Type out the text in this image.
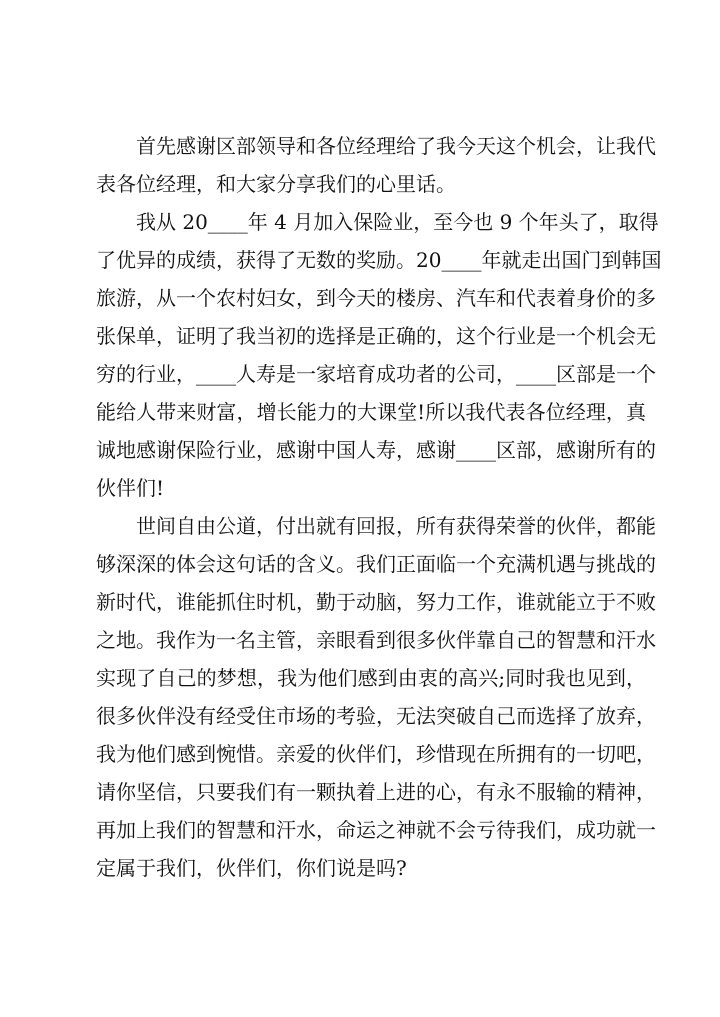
首先感谢区部领导和各位经理给了我今天这个机会，让我代
表各位经理，和大家分享我们的心里话。

我从 20____年 4 月加入保险业，至今也 9 个年头了，取得
了优异的成绩，获得了无数的奖励。20____年就走出国门到韩国
旅游，从一个农村妇女，到今天的楼房、汽车和代表着身价的多
张保单，证明了我当初的选择是正确的，这个行业是一个机会无
穷的行业，____人寿是一家培育成功者的公司，____区部是一个
能给人带来财富，增长能力的大课堂!所以我代表各位经理，真
诚地感谢保险行业，感谢中国人寿，感谢____区部，感谢所有的
伙伴们!

世间自由公道，付出就有回报，所有获得荣誉的伙伴，都能
够深深的体会这句话的含义。我们正面临一个充满机遇与挑战的
新时代，谁能抓住时机，勤于动脑，努力工作，谁就能立于不败
之地。我作为一名主管，亲眼看到很多伙伴靠自己的智慧和汗水
实现了自己的梦想，我为他们感到由衷的高兴;同时我也见到，
很多伙伴没有经受住市场的考验，无法突破自己而选择了放弃，
我为他们感到惋惜。亲爱的伙伴们，珍惜现在所拥有的一切吧，
请你坚信，只要我们有一颗执着上进的心，有永不服输的精神，
再加上我们的智慧和汗水，命运之神就不会亏待我们，成功就一
定属于我们，伙伴们，你们说是吗?
